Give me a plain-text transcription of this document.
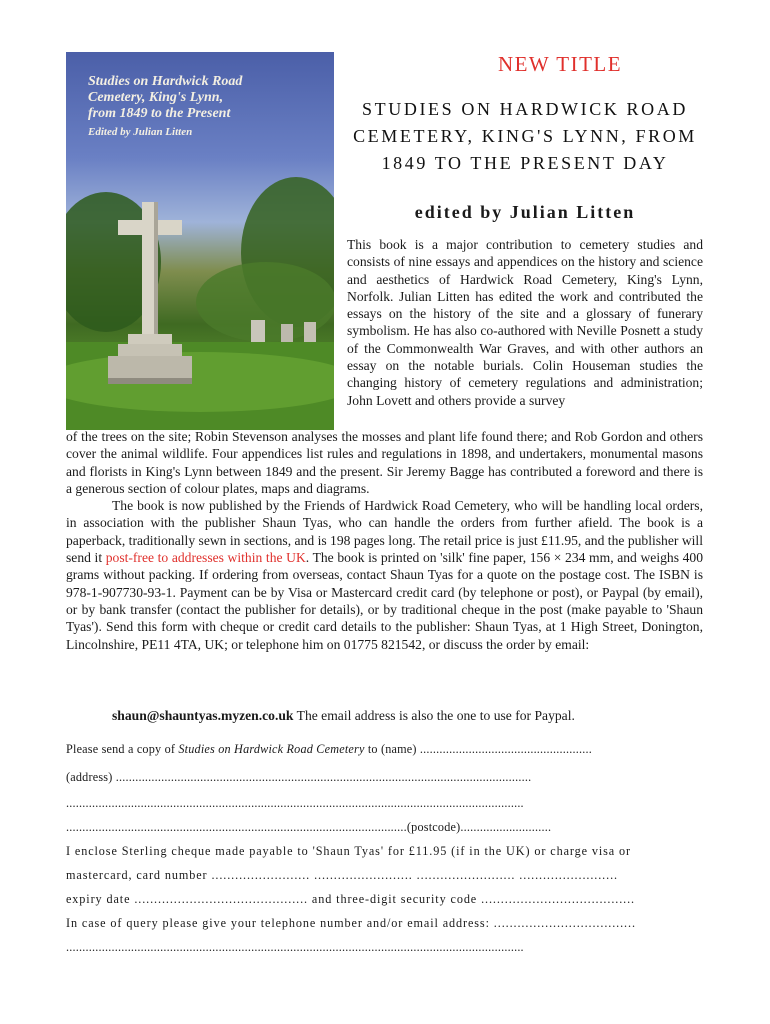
Studies on Hardwick Road
Cemetery, King's Lynn,
from 1849 to the Present
Edited by Julian Litten
NEW TITLE
STUDIES ON HARDWICK ROAD CEMETERY, KING'S LYNN, FROM 1849 TO THE PRESENT DAY
edited by Julian Litten
This book is a major contribution to cemetery studies and consists of nine essays and appendices on the history and science and aesthetics of Hardwick Road Cemetery, King's Lynn, Norfolk. Julian Litten has edited the work and contributed the essays on the history of the site and a glossary of funerary symbolism. He has also co-authored with Neville Posnett a study of the Commonwealth War Graves, and with other authors an essay on the notable burials. Colin Houseman studies the changing history of cemetery regulations and administration; John Lovett and others provide a survey

of the trees on the site; Robin Stevenson analyses the mosses and plant life found there; and Rob Gordon and others cover the animal wildlife. Four appendices list rules and regulations in 1898, and undertakers, monumental masons and florists in King's Lynn between 1849 and the present. Sir Jeremy Bagge has contributed a foreword and there is a generous section of colour plates, maps and diagrams.

The book is now published by the Friends of Hardwick Road Cemetery, who will be handling local orders, in association with the publisher Shaun Tyas, who can handle the orders from further afield. The book is a paperback, traditionally sewn in sections, and is 198 pages long. The retail price is just £11.95, and the publisher will send it post-free to addresses within the UK. The book is printed on 'silk' fine paper, 156 × 234 mm, and weighs 400 grams without packing. If ordering from overseas, contact Shaun Tyas for a quote on the postage cost. The ISBN is 978-1-907730-93-1. Payment can be by Visa or Mastercard credit card (by telephone or post), or Paypal (by email), or by bank transfer (contact the publisher for details), or by traditional cheque in the post (make payable to 'Shaun Tyas'). Send this form with cheque or credit card details to the publisher: Shaun Tyas, at 1 High Street, Donington, Lincolnshire, PE11 4TA, UK; or telephone him on 01775 821542, or discuss the order by email:

shaun@shauntyas.myzen.co.uk The email address is also the one to use for Paypal.
Please send a copy of Studies on Hardwick Road Cemetery to (name) .....................................................
(address) ................................................................................................................................
.............................................................................................................................................
.........................................................................................................(postcode)............................
I enclose Sterling cheque made payable to 'Shaun Tyas' for £11.95 (if in the UK) or charge visa or
mastercard, card number ......................... ......................... ......................... .........................
expiry date ............................................ and three-digit security code .......................................
In case of query please give your telephone number and/or email address: ....................................
.............................................................................................................................................
